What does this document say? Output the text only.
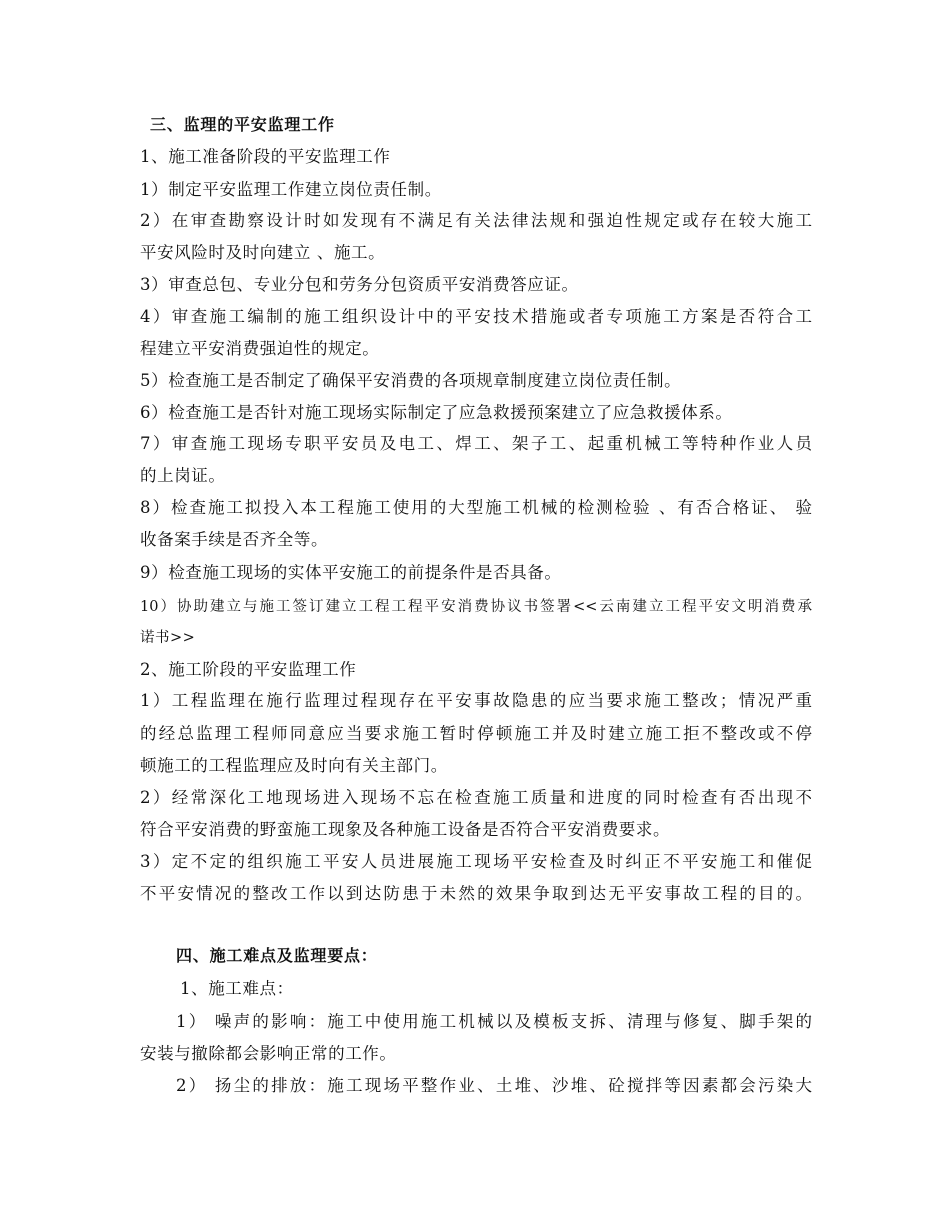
三、监理的平安监理工作
1、施工准备阶段的平安监理工作
1）制定平安监理工作建立岗位责任制。
2）在审查勘察设计时如发现有不满足有关法律法规和强迫性规定或存在较大施工
平安风险时及时向建立 、施工。
3）审查总包、专业分包和劳务分包资质平安消费答应证。
4）审查施工编制的施工组织设计中的平安技术措施或者专项施工方案是否符合工
程建立平安消费强迫性的规定。
5）检查施工是否制定了确保平安消费的各项规章制度建立岗位责任制。
6）检查施工是否针对施工现场实际制定了应急救援预案建立了应急救援体系。
7）审查施工现场专职平安员及电工、焊工、架子工、起重机械工等特种作业人员
的上岗证。
8）检查施工拟投入本工程施工使用的大型施工机械的检测检验 、有否合格证、 验
收备案手续是否齐全等。
9）检查施工现场的实体平安施工的前提条件是否具备。
10）协助建立与施工签订建立工程工程平安消费协议书签署<<云南建立工程平安文明消费承
诺书>>
2、施工阶段的平安监理工作
1）工程监理在施行监理过程现存在平安事故隐患的应当要求施工整改；情况严重
的经总监理工程师同意应当要求施工暂时停顿施工并及时建立施工拒不整改或不停
顿施工的工程监理应及时向有关主部门。
2）经常深化工地现场进入现场不忘在检查施工质量和进度的同时检查有否出现不
符合平安消费的野蛮施工现象及各种施工设备是否符合平安消费要求。
3）定不定的组织施工平安人员进展施工现场平安检查及时纠正不平安施工和催促
不平安情况的整改工作以到达防患于未然的效果争取到达无平安事故工程的目的。
四、施工难点及监理要点：
1、施工难点：
1） 噪声的影响：施工中使用施工机械以及模板支拆、清理与修复、脚手架的
安装与撤除都会影响正常的工作。
2） 扬尘的排放：施工现场平整作业、土堆、沙堆、砼搅拌等因素都会污染大
